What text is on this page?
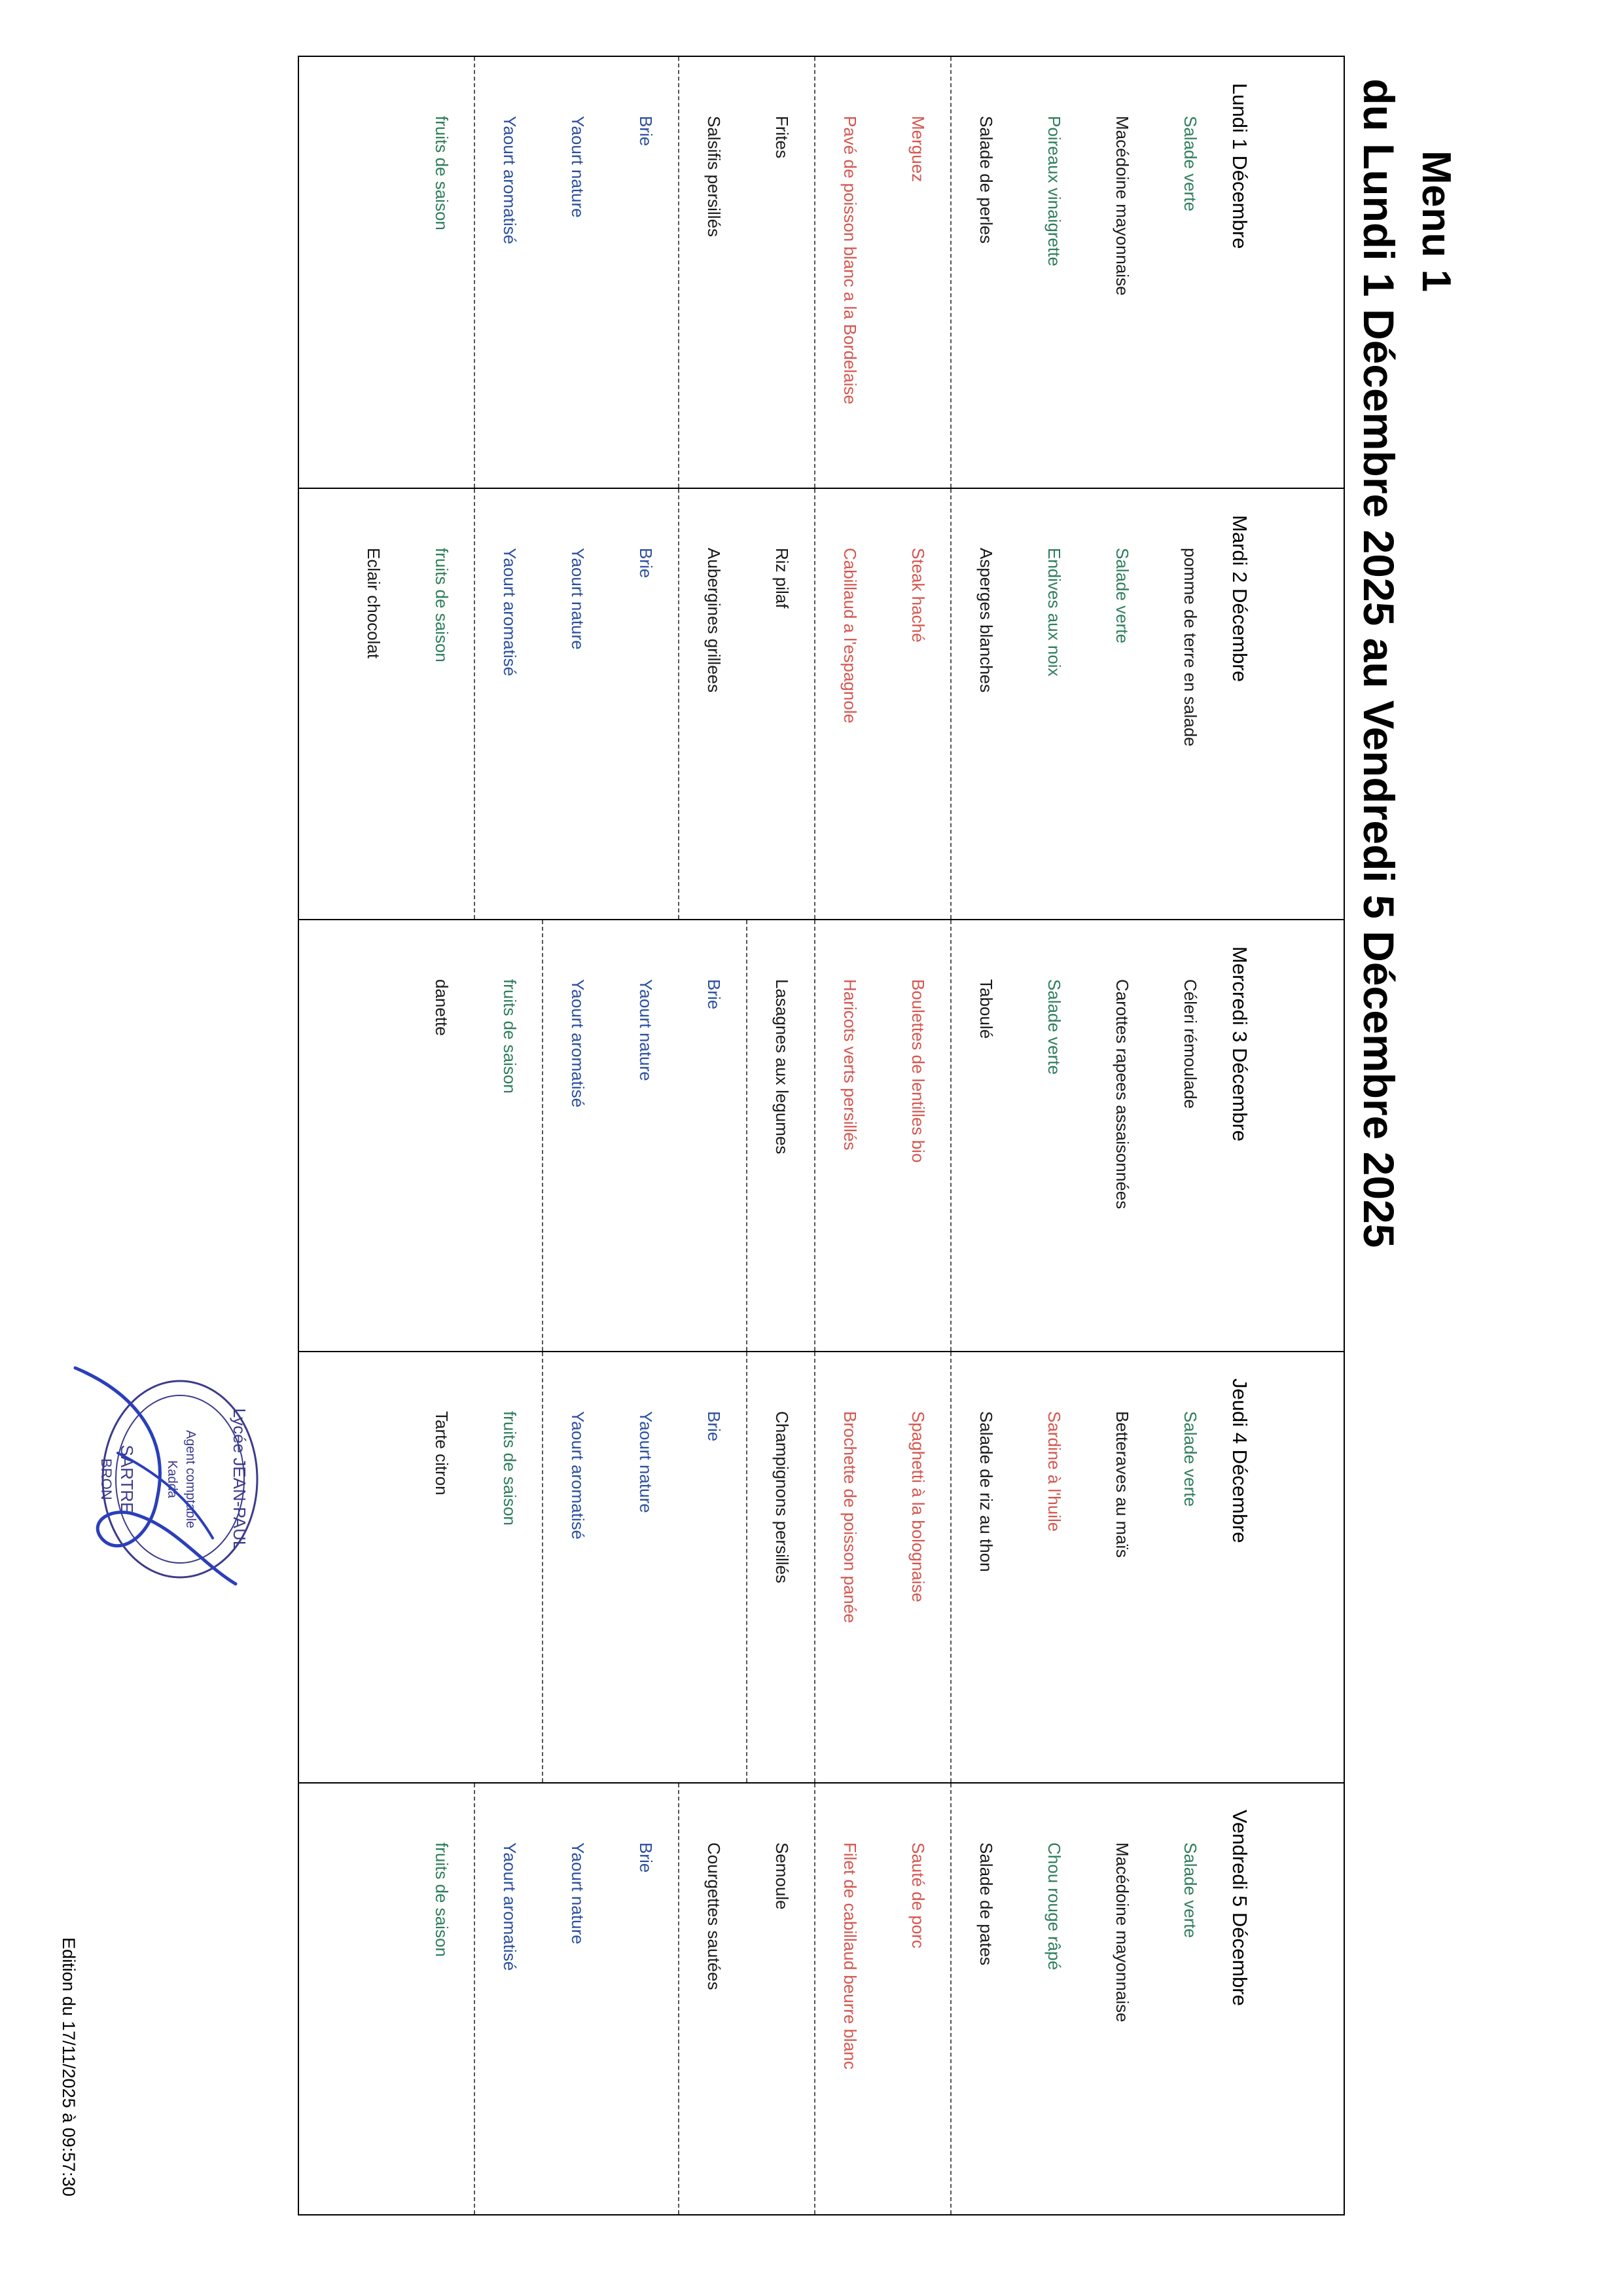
Menu 1
du Lundi 1 Décembre 2025 au Vendredi 5 Décembre 2025
Lundi 1 Décembre
Salade verte
Macédoine mayonnaise
Poireaux vinaigrette
Salade de perles
Merguez
Pavé de poisson blanc a la Bordelaise
Frites
Salsifis persillés
Brie
Yaourt nature
Yaourt aromatisé
fruits de saison

Mardi 2 Décembre
pomme de terre en salade
Salade verte
Endives aux noix
Asperges blanches
Steak haché
Cabillaud a l'espagnole
Riz pilaf
Aubergines grillees
Brie
Yaourt nature
Yaourt aromatisé
fruits de saison
Eclair chocolat

Mercredi 3 Décembre
Céleri rémoulade
Carottes rapees assaisonnées
Salade verte
Taboulé
Boulettes de lentilles bio
Haricots verts persillés
Lasagnes aux legumes
Brie
Yaourt nature
Yaourt aromatisé
fruits de saison
danette

Jeudi 4 Décembre
Salade verte
Betteraves au maïs
Sardine à l'huile
Salade de riz au thon
Spaghetti à la bolognaise
Brochette de poisson panée
Champignons persillés
Brie
Yaourt nature
Yaourt aromatisé
fruits de saison
Tarte citron

Vendredi 5 Décembre
Salade verte
Macédoine mayonnaise
Chou rouge râpé
Salade de pates
Sauté de porc
Filet de cabillaud beurre blanc
Semoule
Courgettes sautées
Brie
Yaourt nature
Yaourt aromatisé
fruits de saison
Edition du 17/11/2025 à 09:57:30
Lycée JEAN-PAUL
SARTRE
BRON	Agent comptable
Kadda
